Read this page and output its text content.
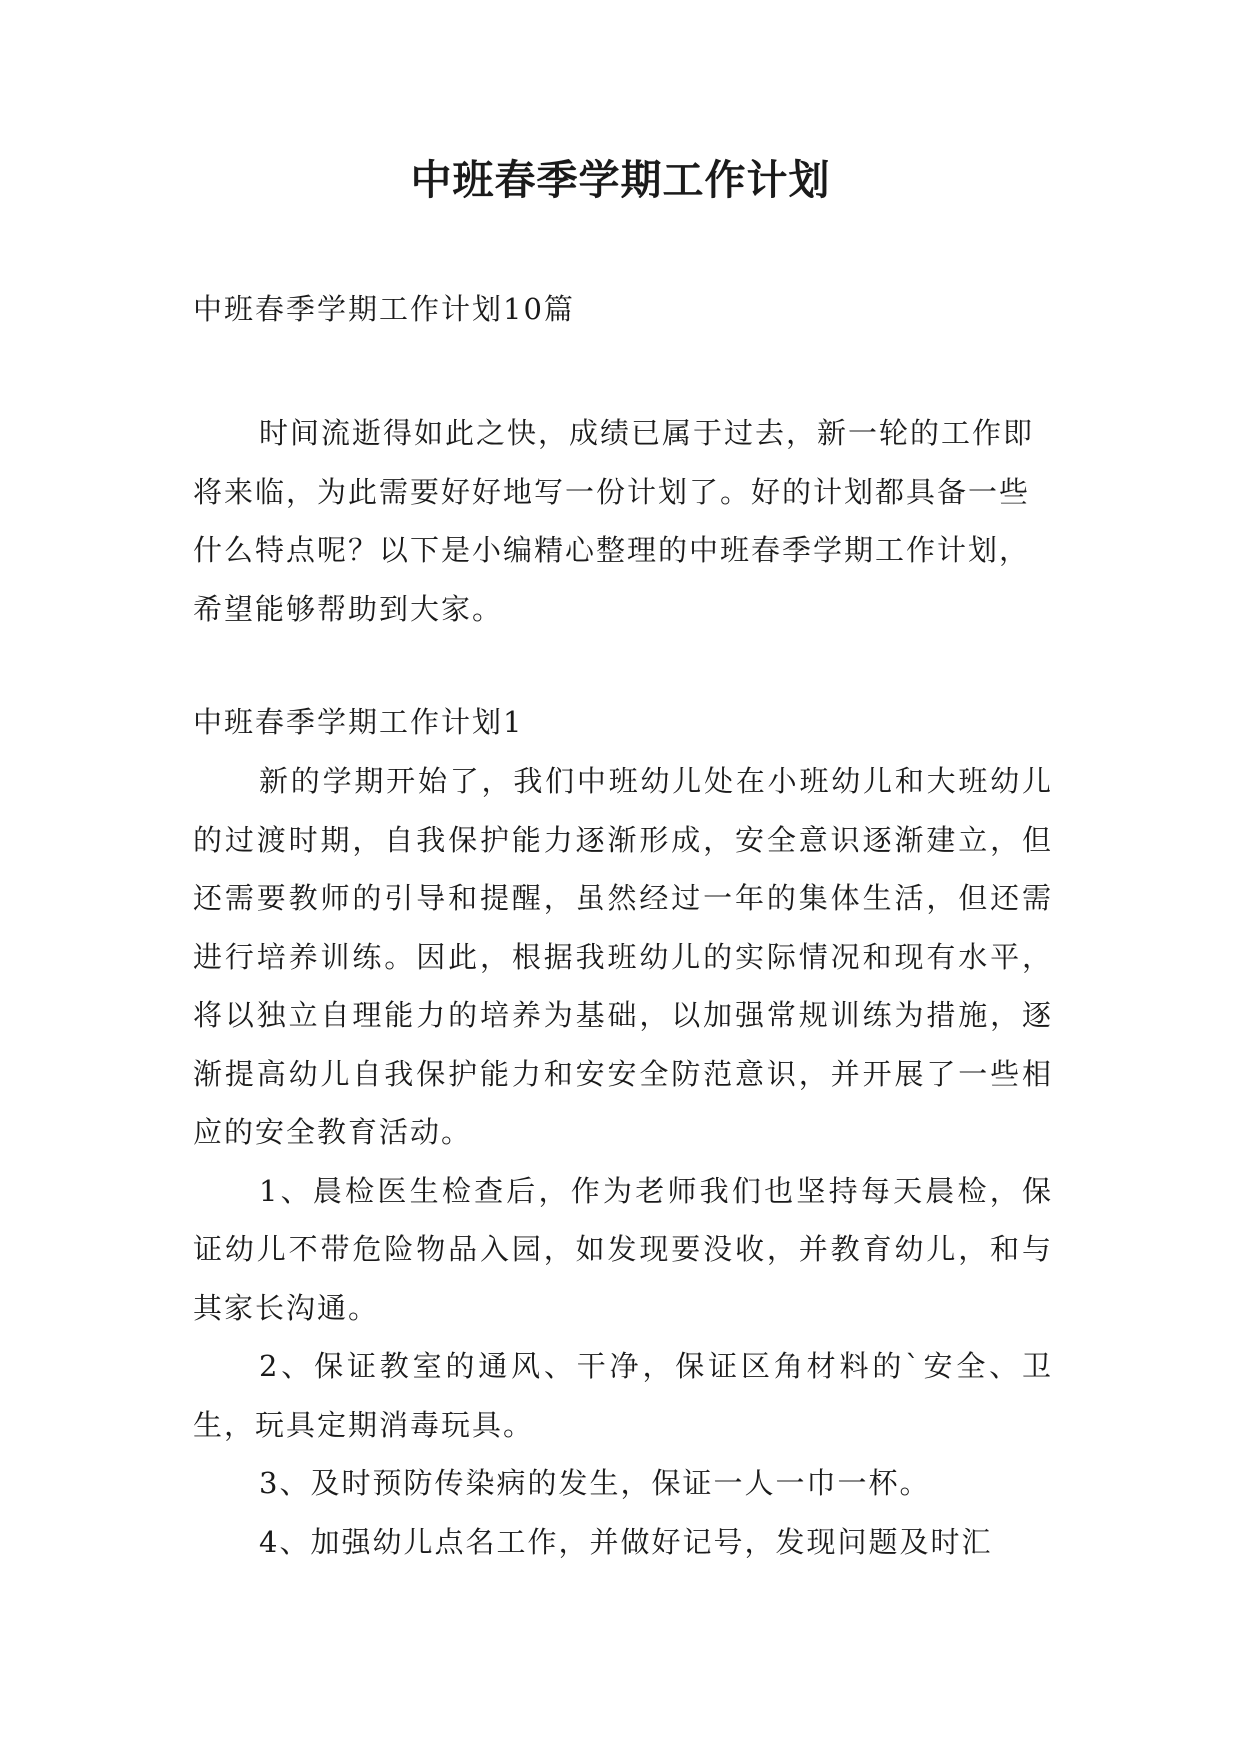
中班春季学期工作计划
中班春季学期工作计划10篇

时间流逝得如此之快，成绩已属于过去，新一轮的工作即将来临，为此需要好好地写一份计划了。好的计划都具备一些什么特点呢？以下是小编精心整理的中班春季学期工作计划，希望能够帮助到大家。

中班春季学期工作计划1

新的学期开始了，我们中班幼儿处在小班幼儿和大班幼儿的过渡时期，自我保护能力逐渐形成，安全意识逐渐建立，但还需要教师的引导和提醒，虽然经过一年的集体生活，但还需进行培养训练。因此，根据我班幼儿的实际情况和现有水平，将以独立自理能力的培养为基础，以加强常规训练为措施，逐渐提高幼儿自我保护能力和安安全防范意识，并开展了一些相应的安全教育活动。

1、晨检医生检查后，作为老师我们也坚持每天晨检，保证幼儿不带危险物品入园，如发现要没收，并教育幼儿，和与其家长沟通。

2、保证教室的通风、干净，保证区角材料的`安全、卫生，玩具定期消毒玩具。

3、及时预防传染病的发生，保证一人一巾一杯。

4、加强幼儿点名工作，并做好记号，发现问题及时汇
